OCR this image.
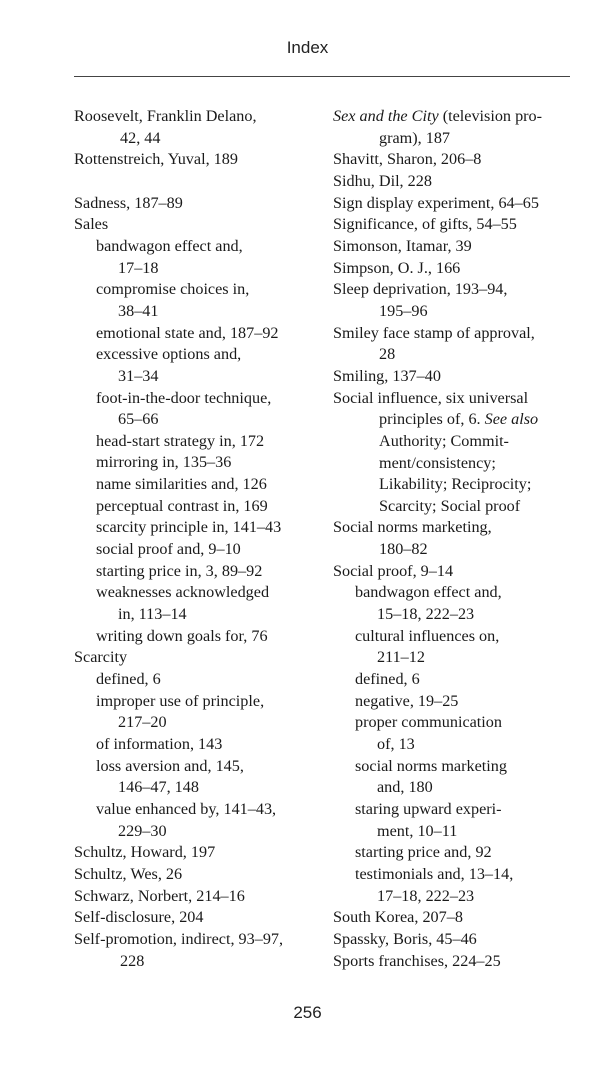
Index
Roosevelt, Franklin Delano,
42, 44
Rottenstreich, Yuval, 189
Sadness, 187–89
Sales
bandwagon effect and,
17–18
compromise choices in,
38–41
emotional state and, 187–92
excessive options and,
31–34
foot-in-the-door technique,
65–66
head-start strategy in, 172
mirroring in, 135–36
name similarities and, 126
perceptual contrast in, 169
scarcity principle in, 141–43
social proof and, 9–10
starting price in, 3, 89–92
weaknesses acknowledged
in, 113–14
writing down goals for, 76
Scarcity
defined, 6
improper use of principle,
217–20
of information, 143
loss aversion and, 145,
146–47, 148
value enhanced by, 141–43,
229–30
Schultz, Howard, 197
Schultz, Wes, 26
Schwarz, Norbert, 214–16
Self-disclosure, 204
Self-promotion, indirect, 93–97,
228
Sex and the City (television pro-
gram), 187
Shavitt, Sharon, 206–8
Sidhu, Dil, 228
Sign display experiment, 64–65
Significance, of gifts, 54–55
Simonson, Itamar, 39
Simpson, O. J., 166
Sleep deprivation, 193–94,
195–96
Smiley face stamp of approval,
28
Smiling, 137–40
Social influence, six universal
principles of, 6. See also
Authority; Commit-
ment/consistency;
Likability; Reciprocity;
Scarcity; Social proof
Social norms marketing,
180–82
Social proof, 9–14
bandwagon effect and,
15–18, 222–23
cultural influences on,
211–12
defined, 6
negative, 19–25
proper communication
of, 13
social norms marketing
and, 180
staring upward experi-
ment, 10–11
starting price and, 92
testimonials and, 13–14,
17–18, 222–23
South Korea, 207–8
Spassky, Boris, 45–46
Sports franchises, 224–25
256
